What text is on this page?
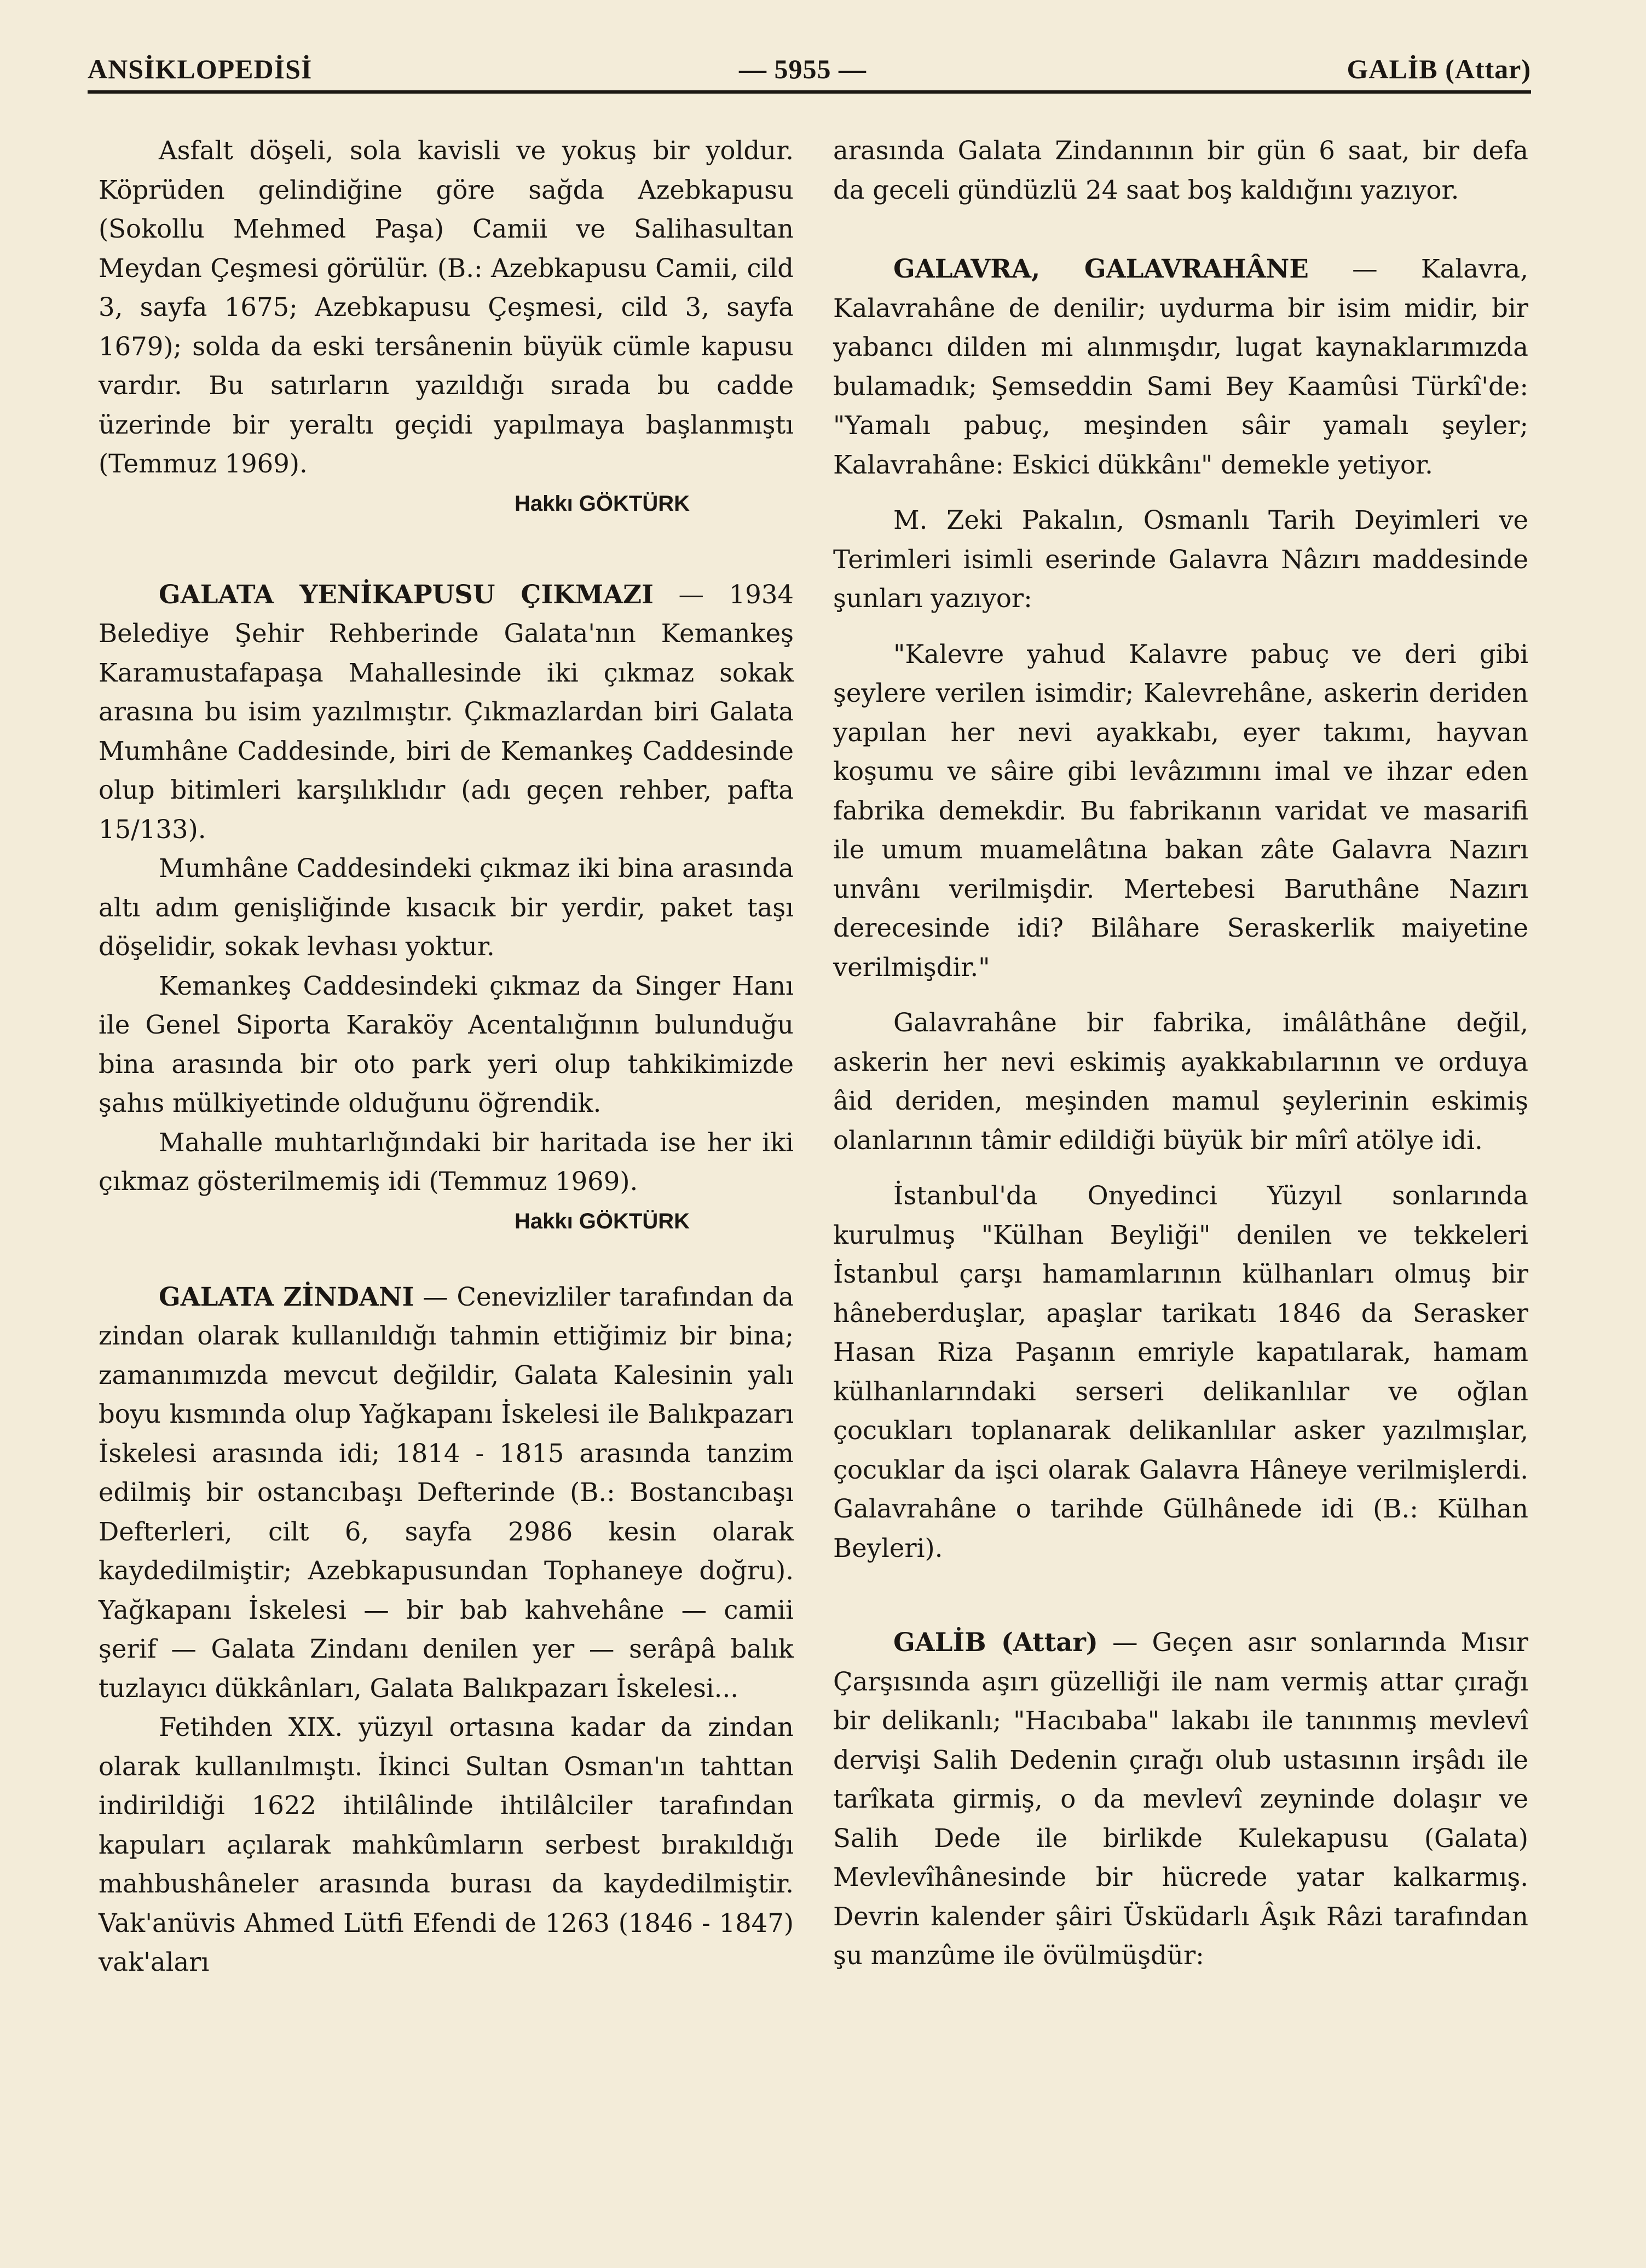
ANSİKLOPEDİSİ	— 5955 —	GALİB (Attar)

Asfalt döşeli, sola kavisli ve yokuş bir yoldur. Köprüden gelindiğine göre sağda Azebkapusu (Sokollu Mehmed Paşa) Camii ve Salihasultan Meydan Çeşmesi görülür. (B.: Azebkapusu Camii, cild 3, sayfa 1675; Azebkapusu Çeşmesi, cild 3, sayfa 1679); solda da eski tersânenin büyük cümle kapusu vardır. Bu satırların yazıldığı sırada bu cadde üzerinde bir yeraltı geçidi yapılmaya başlanmıştı (Temmuz 1969).

Hakkı GÖKTÜRK

GALATA YENİKAPUSU ÇIKMAZI — 1934 Belediye Şehir Rehberinde Galata'nın Kemankeş Karamustafapaşa Mahallesinde iki çıkmaz sokak arasına bu isim yazılmıştır. Çıkmazlardan biri Galata Mumhâne Caddesinde, biri de Kemankeş Caddesinde olup bitimleri karşılıklıdır (adı geçen rehber, pafta 15/133).

Mumhâne Caddesindeki çıkmaz iki bina arasında altı adım genişliğinde kısacık bir yerdir, paket taşı döşelidir, sokak levhası yoktur.

Kemankeş Caddesindeki çıkmaz da Singer Hanı ile Genel Siporta Karaköy Acentalığının bulunduğu bina arasında bir oto park yeri olup tahkikimizde şahıs mülkiyetinde olduğunu öğrendik.

Mahalle muhtarlığındaki bir haritada ise her iki çıkmaz gösterilmemiş idi (Temmuz 1969).

Hakkı GÖKTÜRK

GALATA ZİNDANI — Cenevizliler tarafından da zindan olarak kullanıldığı tahmin ettiğimiz bir bina; zamanımızda mevcut değildir, Galata Kalesinin yalı boyu kısmında olup Yağkapanı İskelesi ile Balıkpazarı İskelesi arasında idi; 1814 - 1815 arasında tanzim edilmiş bir ostancıbaşı Defterinde (B.: Bostancıbaşı Defterleri, cilt 6, sayfa 2986 kesin olarak kaydedilmiştir; Azebkapusundan Tophaneye doğru). Yağkapanı İskelesi — bir bab kahvehâne — camii şerif — Galata Zindanı denilen yer — serâpâ balık tuzlayıcı dükkânları, Galata Balıkpazarı İskelesi...

Fetihden XIX. yüzyıl ortasına kadar da zindan olarak kullanılmıştı. İkinci Sultan Osman'ın tahttan indirildiği 1622 ihtilâlinde ihtilâlciler tarafından kapuları açılarak mahkûmların serbest bırakıldığı mahbushâneler arasında burası da kaydedilmiştir. Vak'anüvis Ahmed Lütfi Efendi de 1263 (1846 - 1847) vak'aları

arasında Galata Zindanının bir gün 6 saat, bir defa da geceli gündüzlü 24 saat boş kaldığını yazıyor.

GALAVRA, GALAVRAHÂNE — Kalavra, Kalavrahâne de denilir; uydurma bir isim midir, bir yabancı dilden mi alınmışdır, lugat kaynaklarımızda bulamadık; Şemseddin Sami Bey Kaamûsi Türkî'de: "Yamalı pabuç, meşinden sâir yamalı şeyler; Kalavrahâne: Eskici dükkânı" demekle yetiyor.

M. Zeki Pakalın, Osmanlı Tarih Deyimleri ve Terimleri isimli eserinde Galavra Nâzırı maddesinde şunları yazıyor:

"Kalevre yahud Kalavre pabuç ve deri gibi şeylere verilen isimdir; Kalevrehâne, askerin deriden yapılan her nevi ayakkabı, eyer takımı, hayvan koşumu ve sâire gibi levâzımını imal ve ihzar eden fabrika demekdir. Bu fabrikanın varidat ve masarifi ile umum muamelâtına bakan zâte Galavra Nazırı unvânı verilmişdir. Mertebesi Baruthâne Nazırı derecesinde idi? Bilâhare Seraskerlik maiyetine verilmişdir."

Galavrahâne bir fabrika, imâlâthâne değil, askerin her nevi eskimiş ayakkabılarının ve orduya âid deriden, meşinden mamul şeylerinin eskimiş olanlarının tâmir edildiği büyük bir mîrî atölye idi.

İstanbul'da Onyedinci Yüzyıl sonlarında kurulmuş "Külhan Beyliği" denilen ve tekkeleri İstanbul çarşı hamamlarının külhanları olmuş bir hâneberduşlar, apaşlar tarikatı 1846 da Serasker Hasan Riza Paşanın emriyle kapatılarak, hamam külhanlarındaki serseri delikanlılar ve oğlan çocukları toplanarak delikanlılar asker yazılmışlar, çocuklar da işci olarak Galavra Hâneye verilmişlerdi. Galavrahâne o tarihde Gülhânede idi (B.: Külhan Beyleri).

GALİB (Attar) — Geçen asır sonlarında Mısır Çarşısında aşırı güzelliği ile nam vermiş attar çırağı bir delikanlı; "Hacıbaba" lakabı ile tanınmış mevlevî dervişi Salih Dedenin çırağı olub ustasının irşâdı ile tarîkata girmiş, o da mevlevî zeyninde dolaşır ve Salih Dede ile birlikde Kulekapusu (Galata) Mevlevîhânesinde bir hücrede yatar kalkarmış. Devrin kalender şâiri Üsküdarlı Âşık Râzi tarafından şu manzûme ile övülmüşdür:
